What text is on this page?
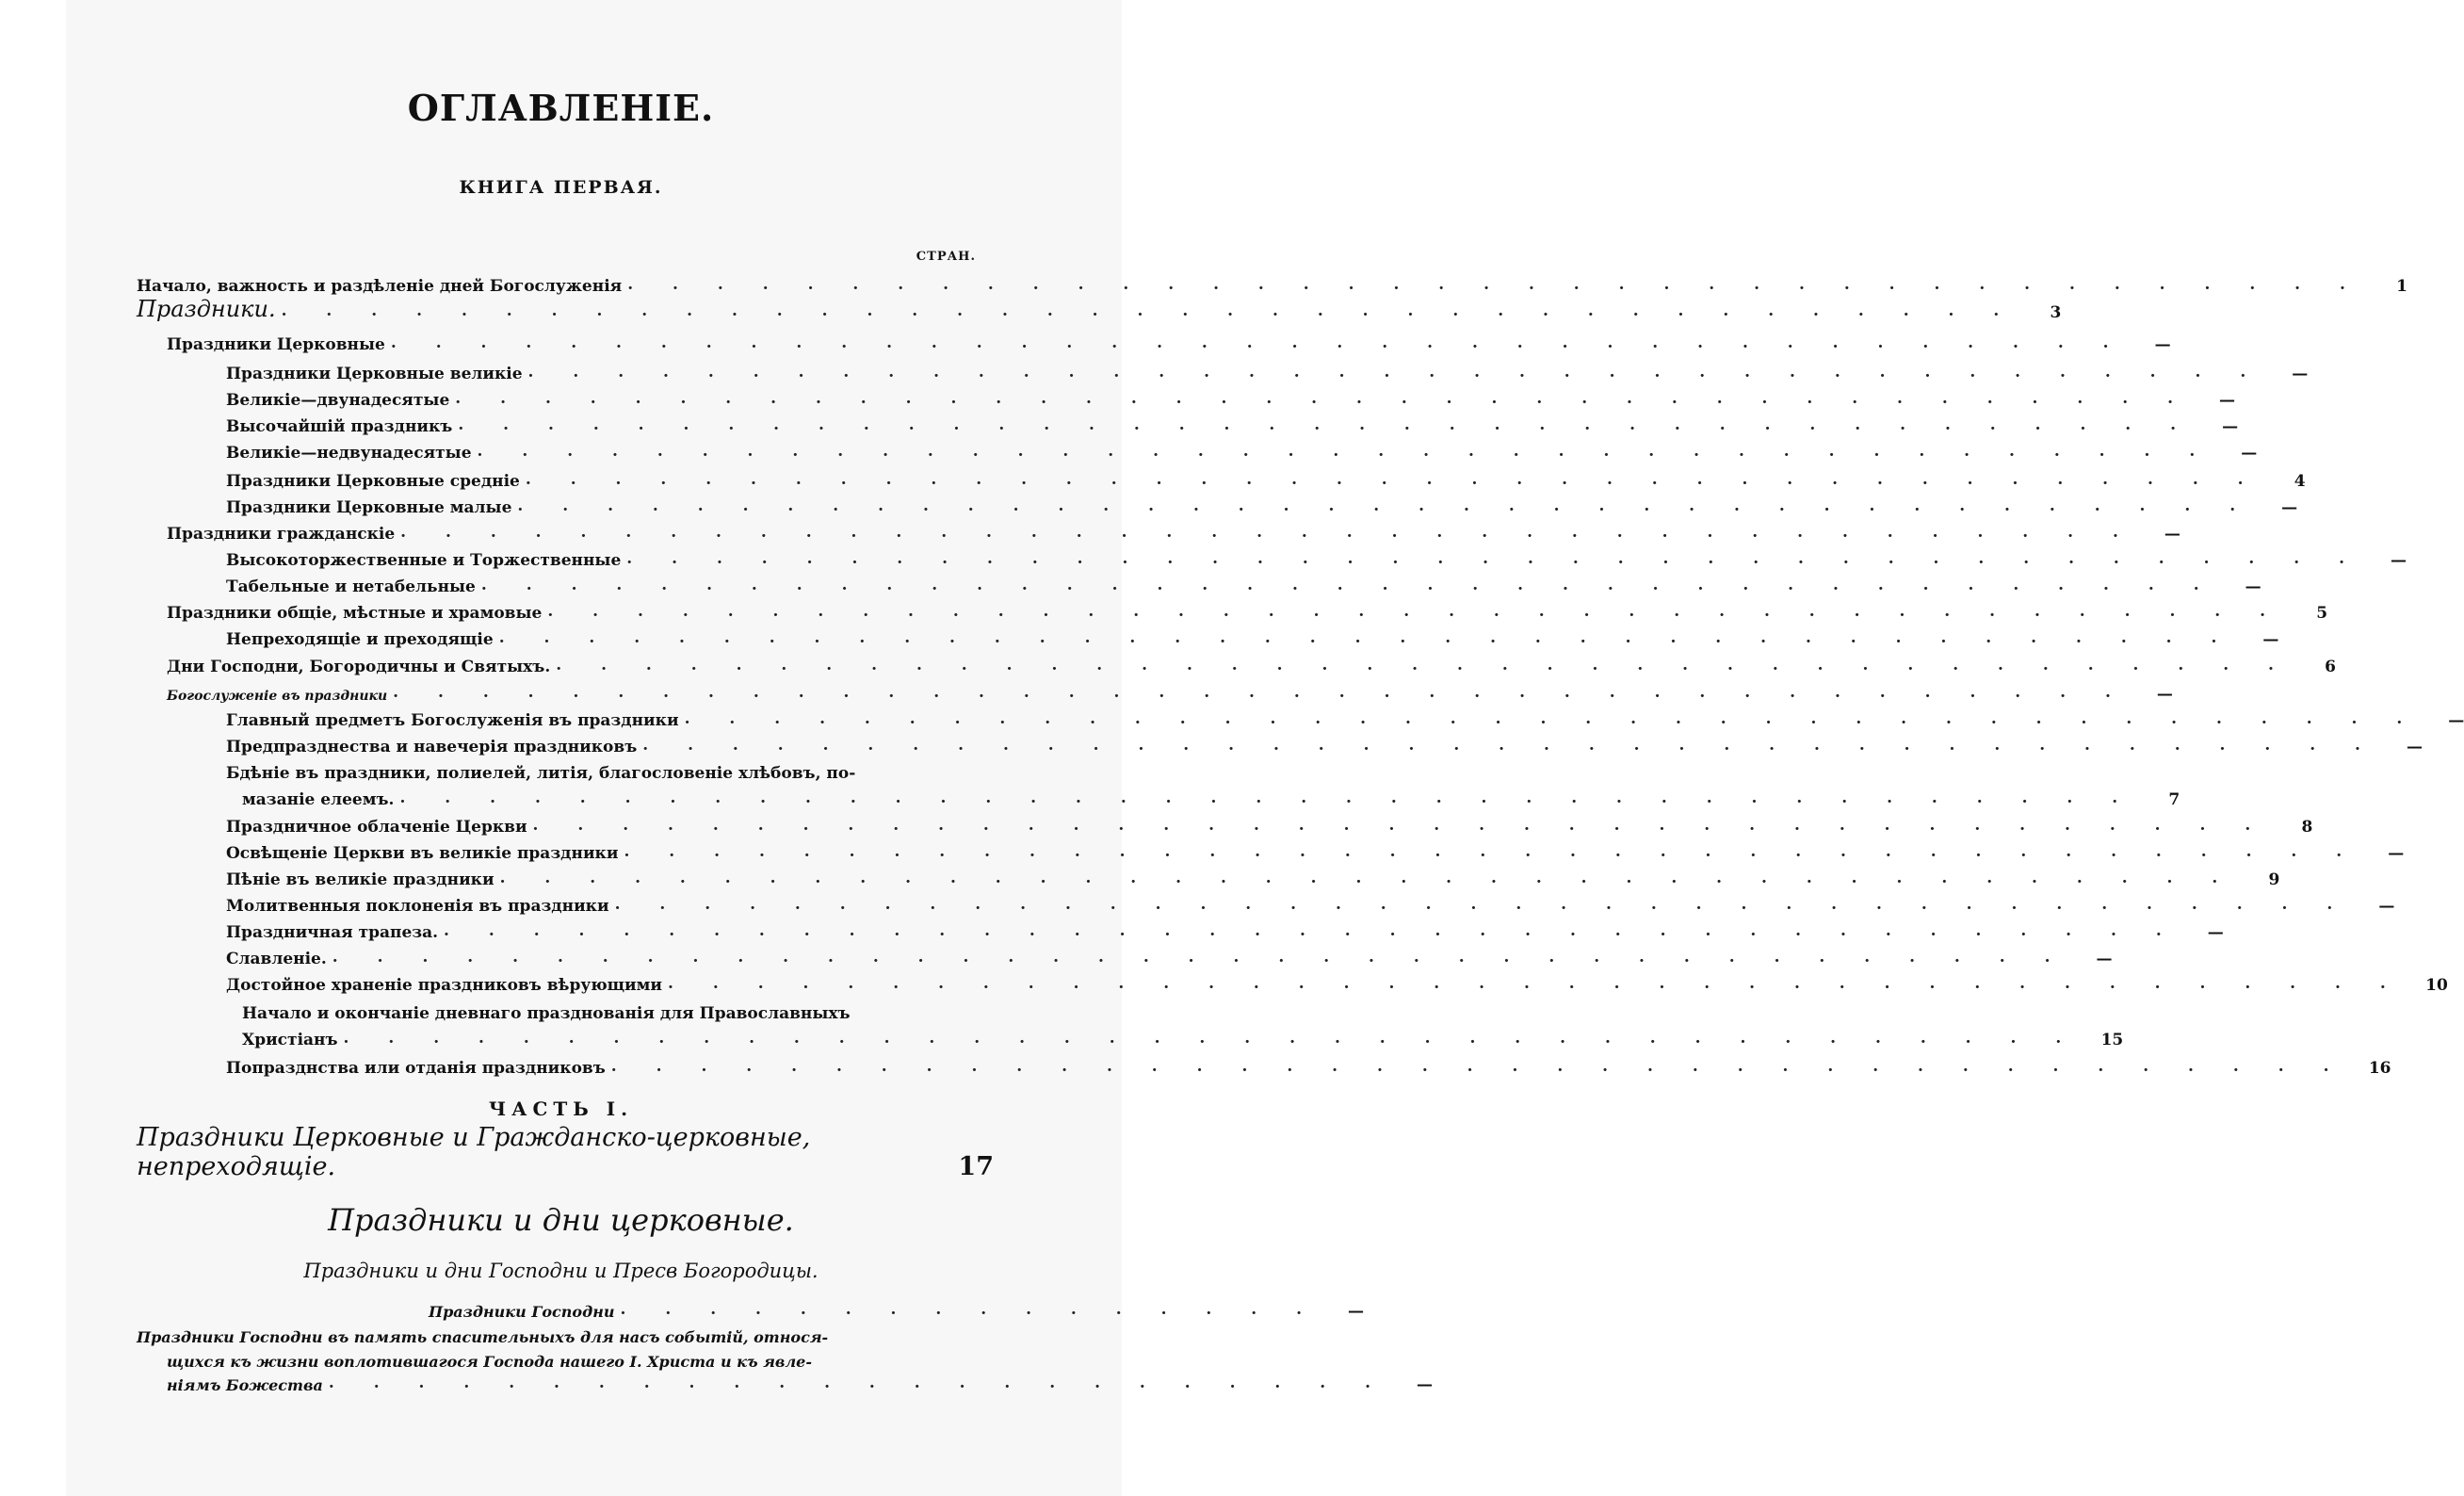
ОГЛАВЛЕНІЕ.
КНИГА ПЕРВАЯ.
СТРАН.
Начало, важность и раздѣленіе дней Богослуженія . . . . . . . . . . . . . . . . . . . . . . . . . . . . . . . . . . . . . . .	1
Праздники. . . . . . . . . . . . . . . . . . . . . . . . . . . . . . . . . . . . . . . .	3
Праздники Церковные . . . . . . . . . . . . . . . . . . . . . . . . . . . . . . . . . . . . . . .	—
Праздники Церковные великіе . . . . . . . . . . . . . . . . . . . . . . . . . . . . . . . . . . . . . . .	—
Великіе—двунадесятые . . . . . . . . . . . . . . . . . . . . . . . . . . . . . . . . . . . . . . .	—
Высочайшій праздникъ . . . . . . . . . . . . . . . . . . . . . . . . . . . . . . . . . . . . . . .	—
Великіе—недвунадесятые . . . . . . . . . . . . . . . . . . . . . . . . . . . . . . . . . . . . . . .	—
Праздники Церковные средніе . . . . . . . . . . . . . . . . . . . . . . . . . . . . . . . . . . . . . . .	4
Праздники Церковные малые . . . . . . . . . . . . . . . . . . . . . . . . . . . . . . . . . . . . . . .	—
Праздники гражданскіе . . . . . . . . . . . . . . . . . . . . . . . . . . . . . . . . . . . . . . .	—
Высокоторжественные и Торжественные . . . . . . . . . . . . . . . . . . . . . . . . . . . . . . . . . . . . . . .	—
Табельные и нетабельные . . . . . . . . . . . . . . . . . . . . . . . . . . . . . . . . . . . . . . .	—
Праздники общіе, мѣстные и храмовые . . . . . . . . . . . . . . . . . . . . . . . . . . . . . . . . . . . . . . .	5
Непреходящіе и преходящіе . . . . . . . . . . . . . . . . . . . . . . . . . . . . . . . . . . . . . . .	—
Дни Господни, Богородичны и Святыхъ. . . . . . . . . . . . . . . . . . . . . . . . . . . . . . . . . . . . . . . .	6
Богослуженіе въ праздники . . . . . . . . . . . . . . . . . . . . . . . . . . . . . . . . . . . . . . .	—
Главный предметъ Богослуженія въ праздники . . . . . . . . . . . . . . . . . . . . . . . . . . . . . . . . . . . . . . .	—
Предпразднества и навечерія праздниковъ . . . . . . . . . . . . . . . . . . . . . . . . . . . . . . . . . . . . . . .	—
Бдѣніе въ праздники, полиелей, литія, благословеніе хлѣбовъ, по-
мазаніе елеемъ. . . . . . . . . . . . . . . . . . . . . . . . . . . . . . . . . . . . . . . .	7
Праздничное облаченіе Церкви . . . . . . . . . . . . . . . . . . . . . . . . . . . . . . . . . . . . . . .	8
Освѣщеніе Церкви въ великіе праздники . . . . . . . . . . . . . . . . . . . . . . . . . . . . . . . . . . . . . . .	—
Пѣніе въ великіе праздники . . . . . . . . . . . . . . . . . . . . . . . . . . . . . . . . . . . . . . .	9
Молитвенныя поклоненія въ праздники . . . . . . . . . . . . . . . . . . . . . . . . . . . . . . . . . . . . . . .	—
Праздничная трапеза. . . . . . . . . . . . . . . . . . . . . . . . . . . . . . . . . . . . . . . .	—
Славленіе. . . . . . . . . . . . . . . . . . . . . . . . . . . . . . . . . . . . . . . .	—
Достойное храненіе праздниковъ вѣрующими . . . . . . . . . . . . . . . . . . . . . . . . . . . . . . . . . . . . . . .	10
Начало и окончаніе дневнаго празднованія для Православныхъ
Христіанъ . . . . . . . . . . . . . . . . . . . . . . . . . . . . . . . . . . . . . . .	15
Попразднства или отданія праздниковъ . . . . . . . . . . . . . . . . . . . . . . . . . . . . . . . . . . . . . . .	16
ЧАСТЬ I.
Праздники Церковные и Гражданско-церковные, непреходящіе.	17
Праздники и дни церковные.
Праздники и дни Господни и Пресв Богородицы.
Праздники Господни . . . . . . . . . . . . . . . .	—
Праздники Господни въ память спасительныхъ для насъ событій, относя-
щихся къ жизни воплотившагося Господа нашего І. Христа и къ явле-
ніямъ Божества . . . . . . . . . . . . . . . . . . . . . . . .	—
